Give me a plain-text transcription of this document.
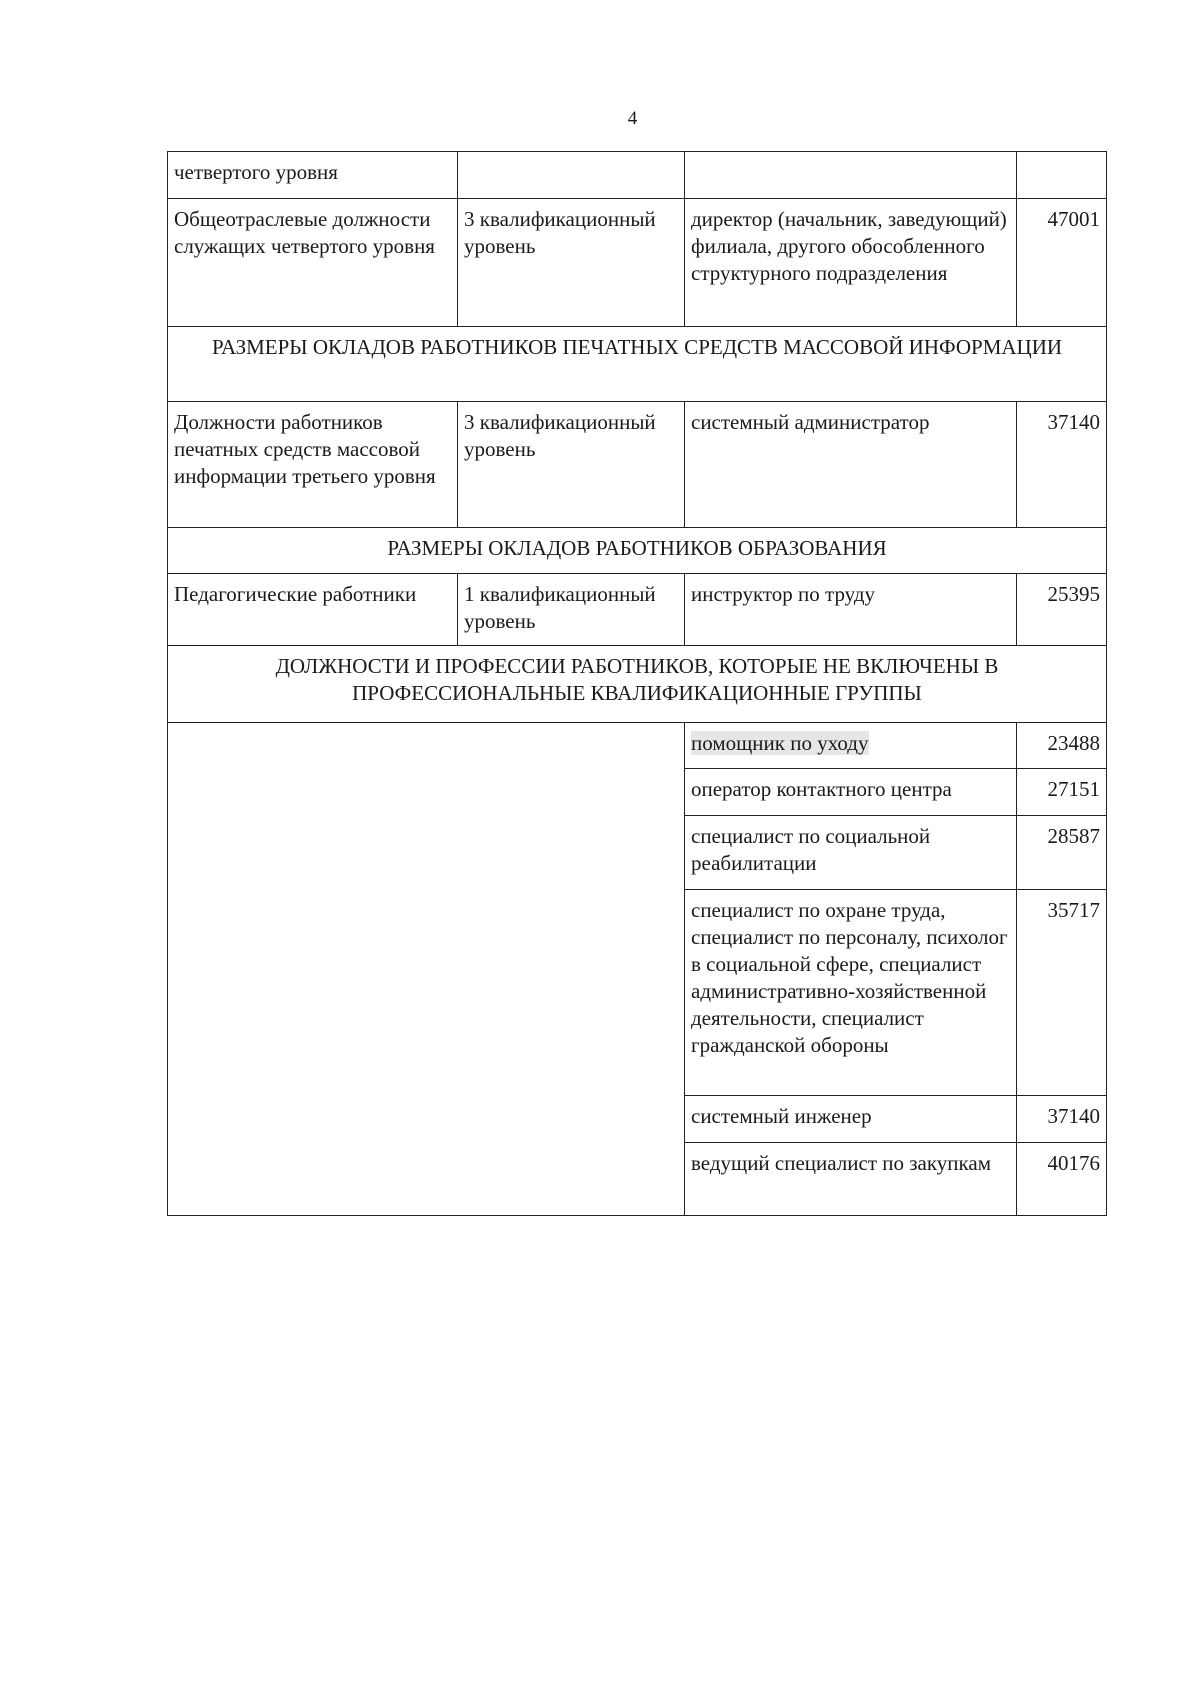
4
четвертого уровня			
Общеотраслевые должности служащих четвертого уровня	3 квалификационный уровень	директор (начальник, заведующий) филиала, другого обособленного структурного подразделения	47001
РАЗМЕРЫ ОКЛАДОВ РАБОТНИКОВ ПЕЧАТНЫХ СРЕДСТВ МАССОВОЙ ИНФОРМАЦИИ			
Должности работников печатных средств массовой информации третьего уровня	3 квалификационный уровень	системный администратор	37140
РАЗМЕРЫ ОКЛАДОВ РАБОТНИКОВ ОБРАЗОВАНИЯ			
Педагогические работники	1 квалификационный уровень	инструктор по труду	25395
ДОЛЖНОСТИ И ПРОФЕССИИ РАБОТНИКОВ, КОТОРЫЕ НЕ ВКЛЮЧЕНЫ В ПРОФЕССИОНАЛЬНЫЕ КВАЛИФИКАЦИОННЫЕ ГРУППЫ			
		помощник по уходу	23488
		оператор контактного центра	27151
		специалист по социальной реабилитации	28587
		специалист по охране труда, специалист по персоналу, психолог в социальной сфере, специалист административно-хозяйственной деятельности, специалист гражданской обороны	35717
		системный инженер	37140
		ведущий специалист по закупкам	40176
